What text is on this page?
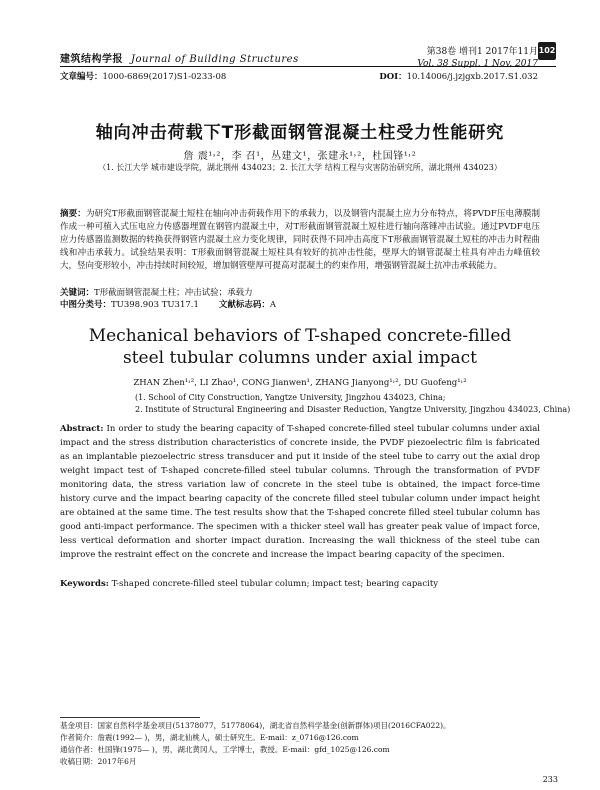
建筑结构学报 Journal of Building Structures
第38卷 增刊1 2017年11月
Vol. 38 Suppl. 1 Nov. 2017
102
文章编号：1000-6869(2017)S1-0233-08	DOI：10.14006/j.jzjgxb.2017.S1.032
轴向冲击荷载下T形截面钢管混凝土柱受力性能研究
詹 震¹˒²，李 召¹，丛建文¹，张建永¹˒²，杜国锋¹˒²
（1. 长江大学 城市建设学院，湖北荆州 434023；2. 长江大学 结构工程与灾害防治研究所，湖北荆州 434023）
摘要：为研究T形截面钢管混凝土短柱在轴向冲击荷载作用下的承载力，以及钢管内混凝土应力分布特点，将PVDF压电薄膜制作成一种可植入式压电应力传感器埋置在钢管内混凝土中，对T形截面钢管混凝土短柱进行轴向落锤冲击试验。通过PVDF电压应力传感器监测数据的转换获得钢管内混凝土应力变化规律，同时获得不同冲击高度下T形截面钢管混凝土短柱的冲击力时程曲线和冲击承载力。试验结果表明：T形截面钢管混凝土短柱具有较好的抗冲击性能，壁厚大的钢管混凝土柱具有冲击力峰值较大，竖向变形较小，冲击持续时间较短，增加钢管壁厚可提高对混凝土的约束作用，增强钢管混凝土抗冲击承载能力。
关键词：T形截面钢管混凝土柱；冲击试验；承载力
中图分类号：TU398.903 TU317.1 文献标志码：A
Mechanical behaviors of T-shaped concrete-filled
steel tubular columns under axial impact
ZHAN Zhen¹˒², LI Zhao¹, CONG Jianwen¹, ZHANG Jianyong¹˒², DU Guofeng¹˒²
(1. School of City Construction, Yangtze University, Jingzhou 434023, China;
2. Institute of Structural Engineering and Disaster Reduction, Yangtze University, Jingzhou 434023, China)
Abstract: In order to study the bearing capacity of T-shaped concrete-filled steel tubular columns under axial impact and the stress distribution characteristics of concrete inside, the PVDF piezoelectric film is fabricated as an implantable piezoelectric stress transducer and put it inside of the steel tube to carry out the axial drop weight impact test of T-shaped concrete-filled steel tubular columns. Through the transformation of PVDF monitoring data, the stress variation law of concrete in the steel tube is obtained, the impact force-time history curve and the impact bearing capacity of the concrete filled steel tubular column under impact height are obtained at the same time. The test results show that the T-shaped concrete filled steel tubular column has good anti-impact performance. The specimen with a thicker steel wall has greater peak value of impact force, less vertical deformation and shorter impact duration. Increasing the wall thickness of the steel tube can improve the restraint effect on the concrete and increase the impact bearing capacity of the specimen.
Keywords: T-shaped concrete-filled steel tubular column; impact test; bearing capacity
基金项目：国家自然科学基金项目(51378077，51778064)，湖北省自然科学基金(创新群体)项目(2016CFA022)。
作者简介：詹震(1992— )，男，湖北仙桃人，硕士研究生。E-mail：z_0716@126.com
通信作者：杜国锋(1975— )，男，湖北黄冈人，工学博士，教授。E-mail：gfd_1025@126.com
收稿日期：2017年6月
233
